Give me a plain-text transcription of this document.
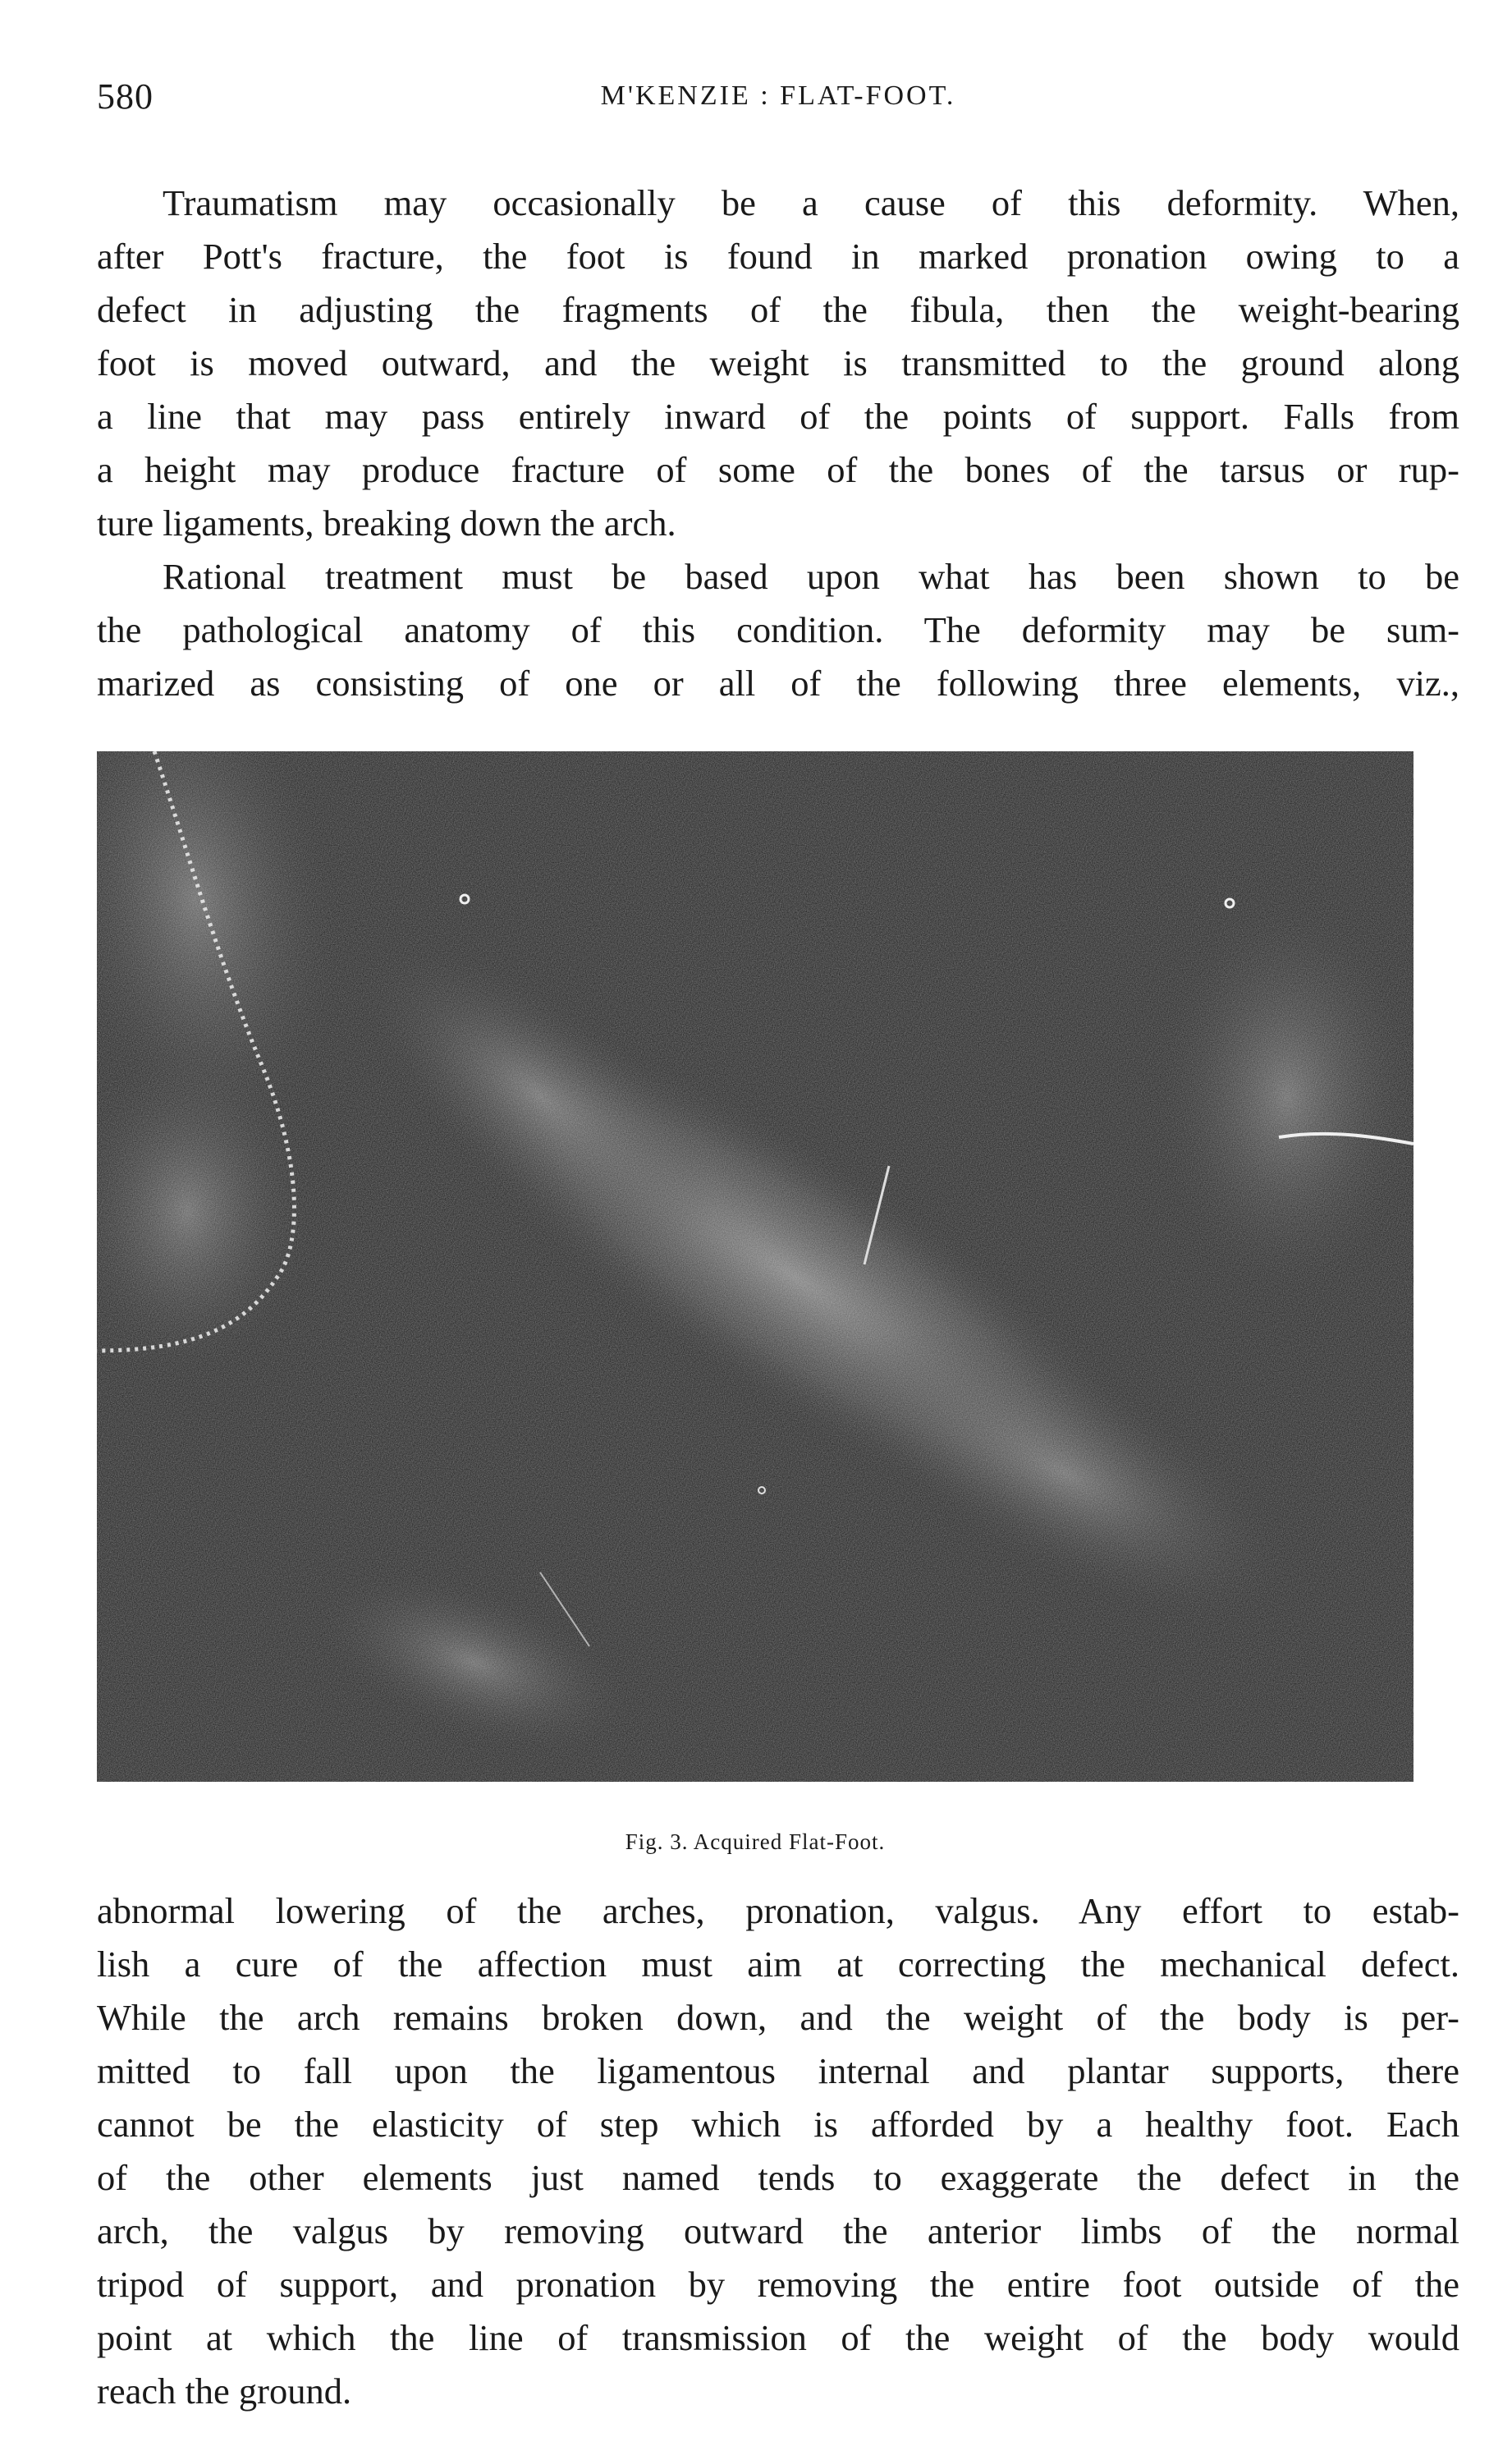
580	M'KENZIE : FLAT-FOOT.
Traumatism may occasionally be a cause of this deformity. When,
after Pott's fracture, the foot is found in marked pronation owing to a
defect in adjusting the fragments of the fibula, then the weight-bearing
foot is moved outward, and the weight is transmitted to the ground along
a line that may pass entirely inward of the points of support. Falls from
a height may produce fracture of some of the bones of the tarsus or rup-
ture ligaments, breaking down the arch.
Rational treatment must be based upon what has been shown to be
the pathological anatomy of this condition. The deformity may be sum-
marized as consisting of one or all of the following three elements, viz.,
Fig. 3. Acquired Flat-Foot.
abnormal lowering of the arches, pronation, valgus. Any effort to estab-
lish a cure of the affection must aim at correcting the mechanical defect.
While the arch remains broken down, and the weight of the body is per-
mitted to fall upon the ligamentous internal and plantar supports, there
cannot be the elasticity of step which is afforded by a healthy foot. Each
of the other elements just named tends to exaggerate the defect in the
arch, the valgus by removing outward the anterior limbs of the normal
tripod of support, and pronation by removing the entire foot outside of the
point at which the line of transmission of the weight of the body would
reach the ground.
